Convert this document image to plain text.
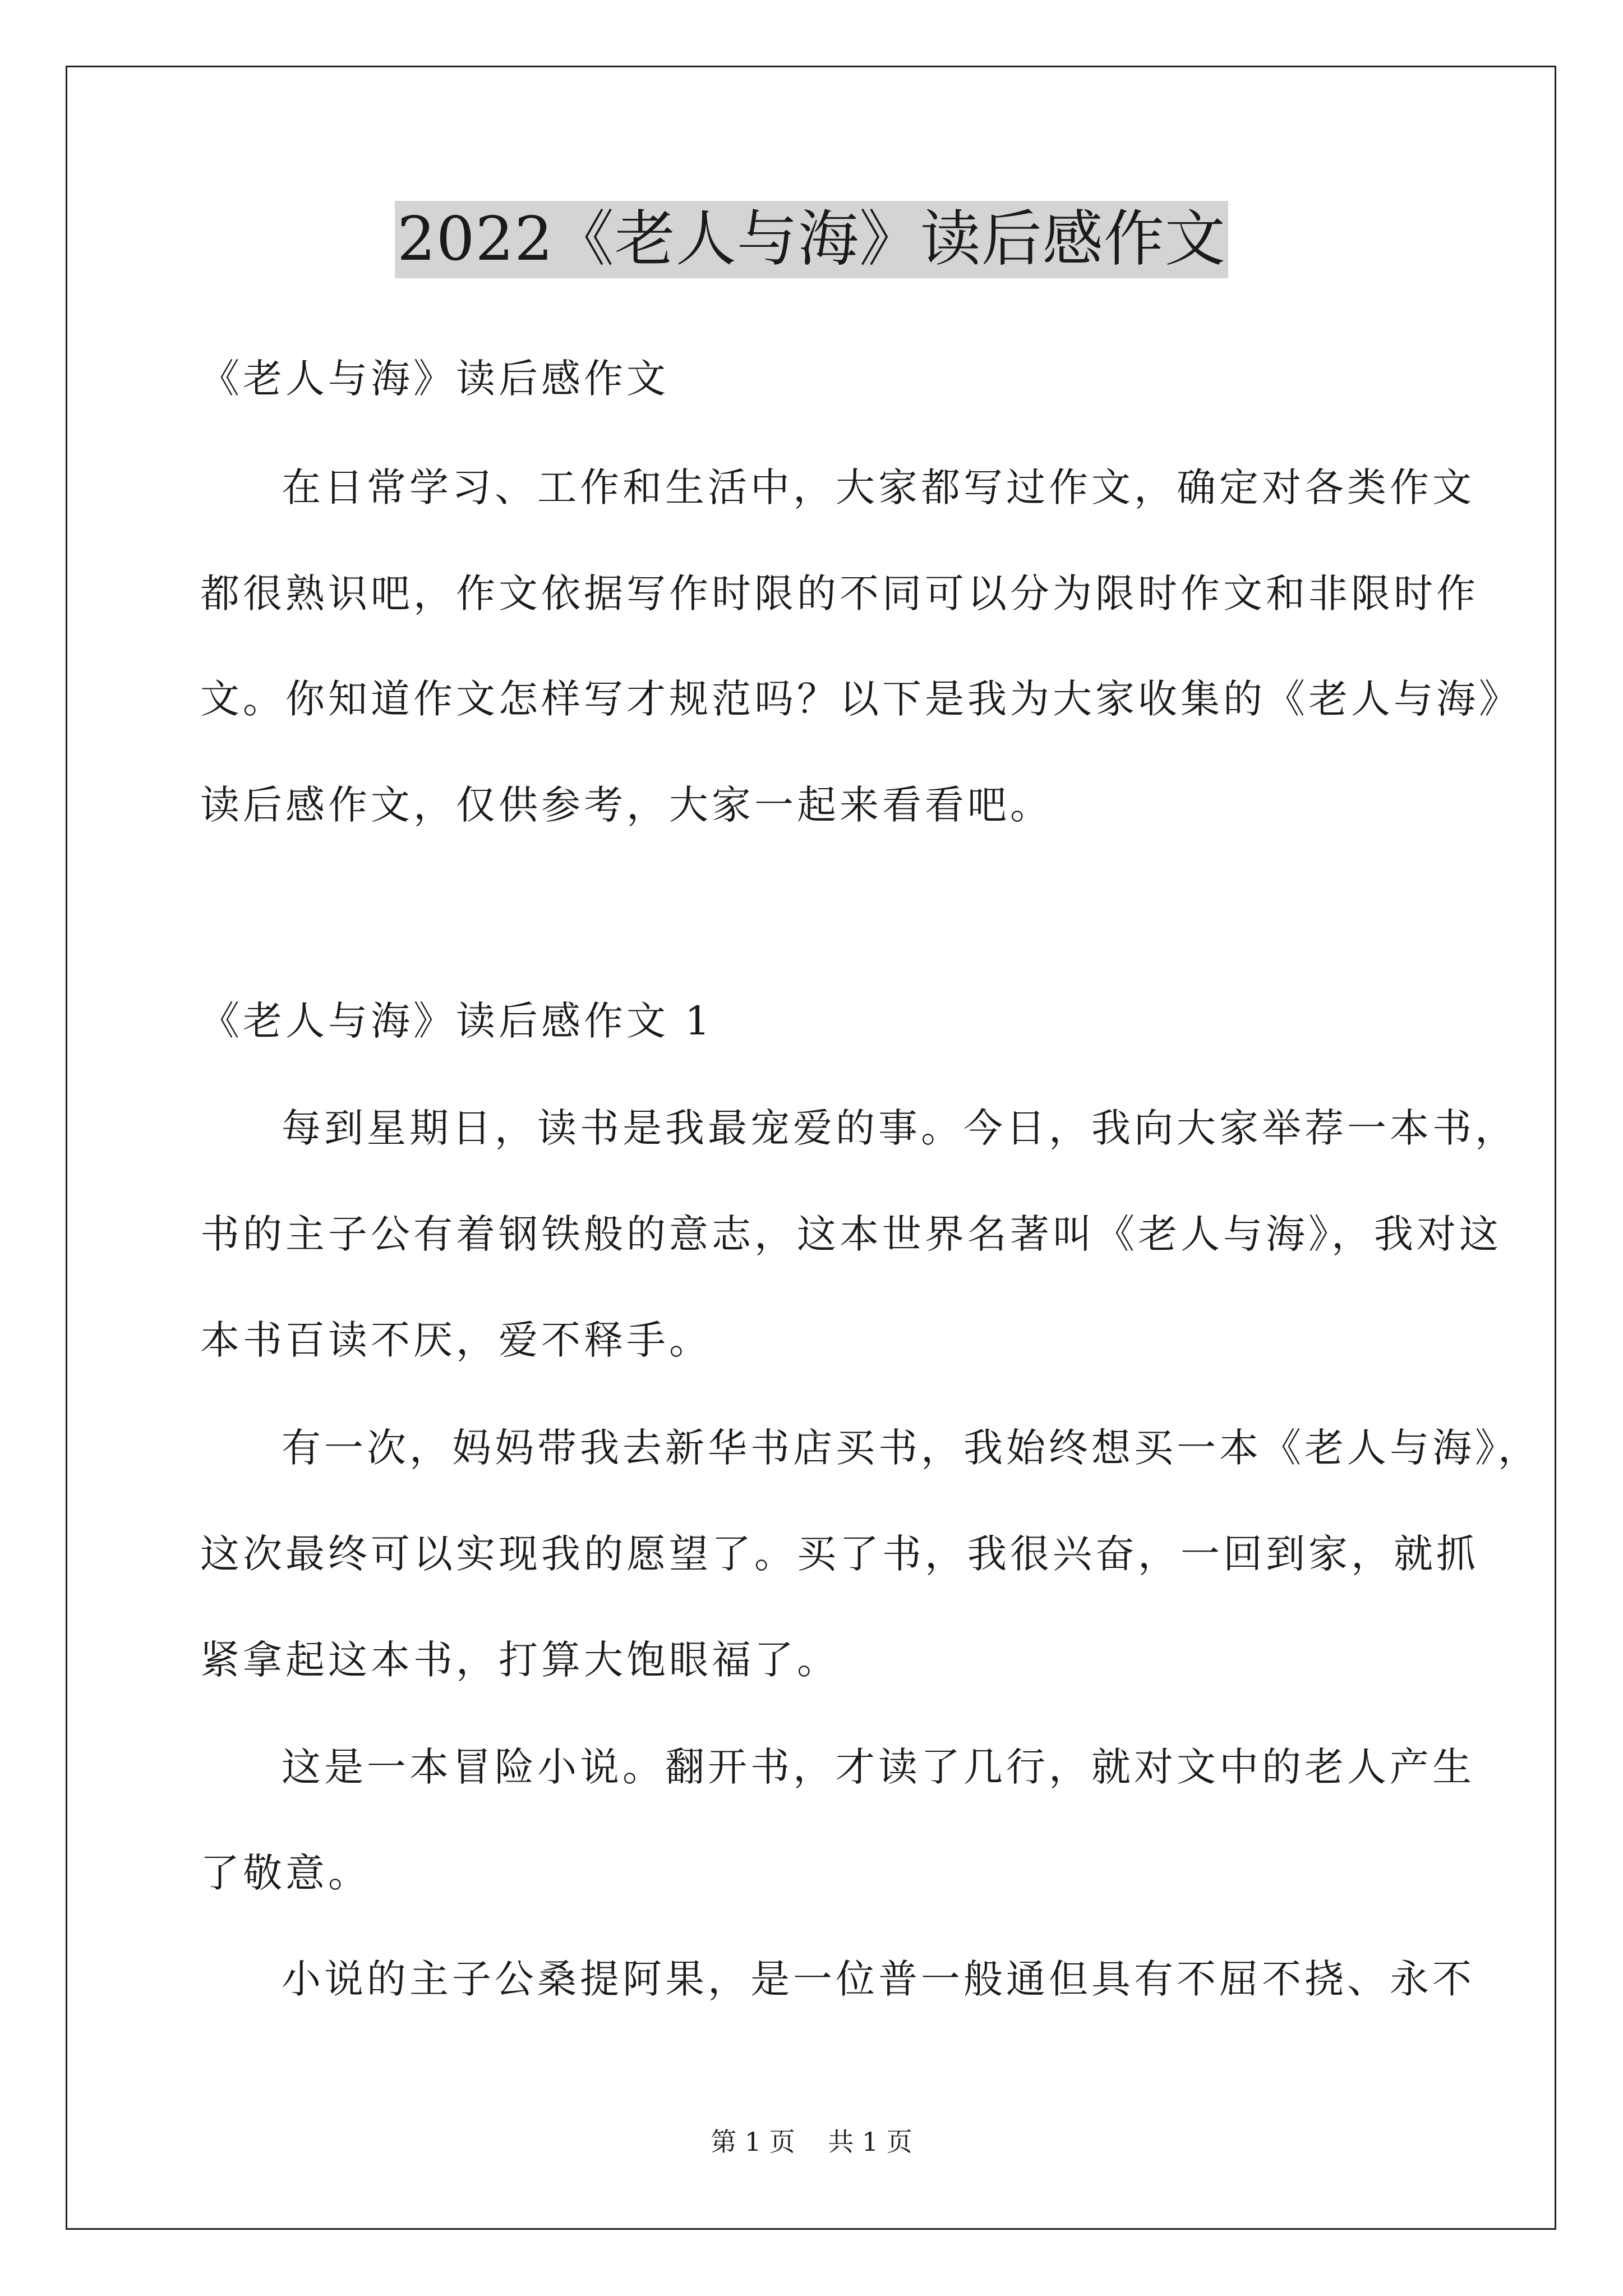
2022《老人与海》读后感作文
《老人与海》读后感作文
在日常学习、工作和生活中，大家都写过作文，确定对各类作文
都很熟识吧，作文依据写作时限的不同可以分为限时作文和非限时作
文。你知道作文怎样写才规范吗？以下是我为大家收集的《老人与海》
读后感作文，仅供参考，大家一起来看看吧。
《老人与海》读后感作文 1
每到星期日，读书是我最宠爱的事。今日，我向大家举荐一本书，
书的主子公有着钢铁般的意志，这本世界名著叫《老人与海》，我对这
本书百读不厌，爱不释手。
有一次，妈妈带我去新华书店买书，我始终想买一本《老人与海》，
这次最终可以实现我的愿望了。买了书，我很兴奋，一回到家，就抓
紧拿起这本书，打算大饱眼福了。
这是一本冒险小说。翻开书，才读了几行，就对文中的老人产生
了敬意。
小说的主子公桑提阿果，是一位普一般通但具有不屈不挠、永不
第 1 页    共 1 页
